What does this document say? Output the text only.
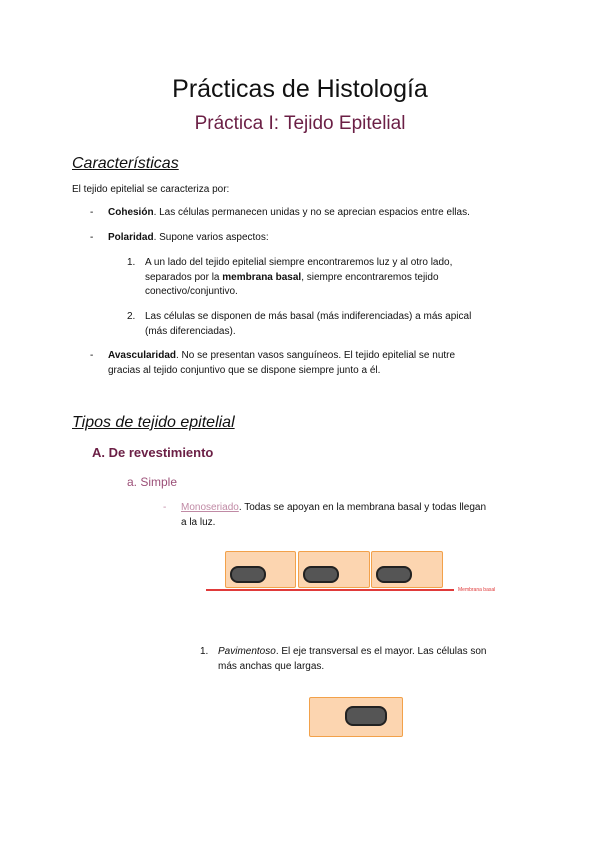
Prácticas de Histología
Práctica I: Tejido Epitelial
Características
El tejido epitelial se caracteriza por:
- Cohesión. Las células permanecen unidas y no se aprecian espacios entre ellas.
- Polaridad. Supone varios aspectos:
1. A un lado del tejido epitelial siempre encontraremos luz y al otro lado,
separados por la membrana basal, siempre encontraremos tejido
conectivo/conjuntivo.
2. Las células se disponen de más basal (más indiferenciadas) a más apical
(más diferenciadas).
- Avascularidad. No se presentan vasos sanguíneos. El tejido epitelial se nutre
gracias al tejido conjuntivo que se dispone siempre junto a él.
Tipos de tejido epitelial
A. De revestimiento
a. Simple
- Monoseriado. Todas se apoyan en la membrana basal y todas llegan
a la luz.
Membrana basal
1. Pavimentoso. El eje transversal es el mayor. Las células son
más anchas que largas.
